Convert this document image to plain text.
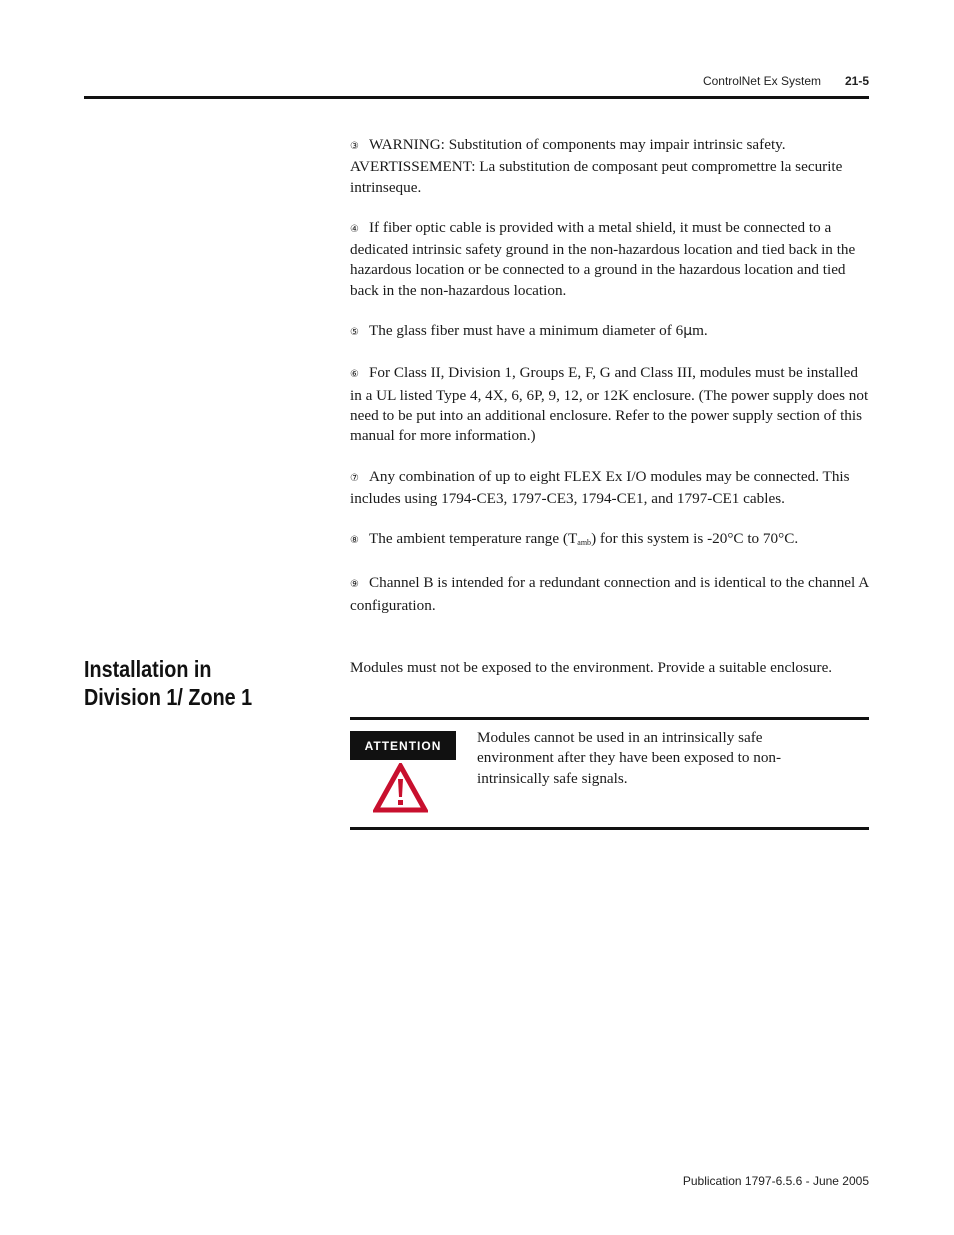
ControlNet Ex System 21-5

③ WARNING: Substitution of components may impair intrinsic safety. AVERTISSEMENT: La substitution de composant peut compromettre la securite intrinseque.

④ If fiber optic cable is provided with a metal shield, it must be connected to a dedicated intrinsic safety ground in the non-hazardous location and tied back in the hazardous location or be connected to a ground in the hazardous location and tied back in the non-hazardous location.

⑤ The glass fiber must have a minimum diameter of 6μm.

⑥ For Class II, Division 1, Groups E, F, G and Class III, modules must be installed in a UL listed Type 4, 4X, 6, 6P, 9, 12, or 12K enclosure. (The power supply does not need to be put into an additional enclosure. Refer to the power supply section of this manual for more information.)

⑦ Any combination of up to eight FLEX Ex I/O modules may be connected. This includes using 1794-CE3, 1797-CE3, 1794-CE1, and 1797-CE1 cables.

⑧ The ambient temperature range $(T_{amb})$ for this system is -20°C to 70°C.

⑨ Channel B is intended for a redundant connection and is identical to the channel A configuration.

Installation in Division 1/ Zone 1
Modules must not be exposed to the environment. Provide a suitable enclosure.
ATTENTION	Modules cannot be used in an intrinsically safe environment after they have been exposed to non-intrinsically safe signals.
Publication 1797-6.5.6 - June 2005
